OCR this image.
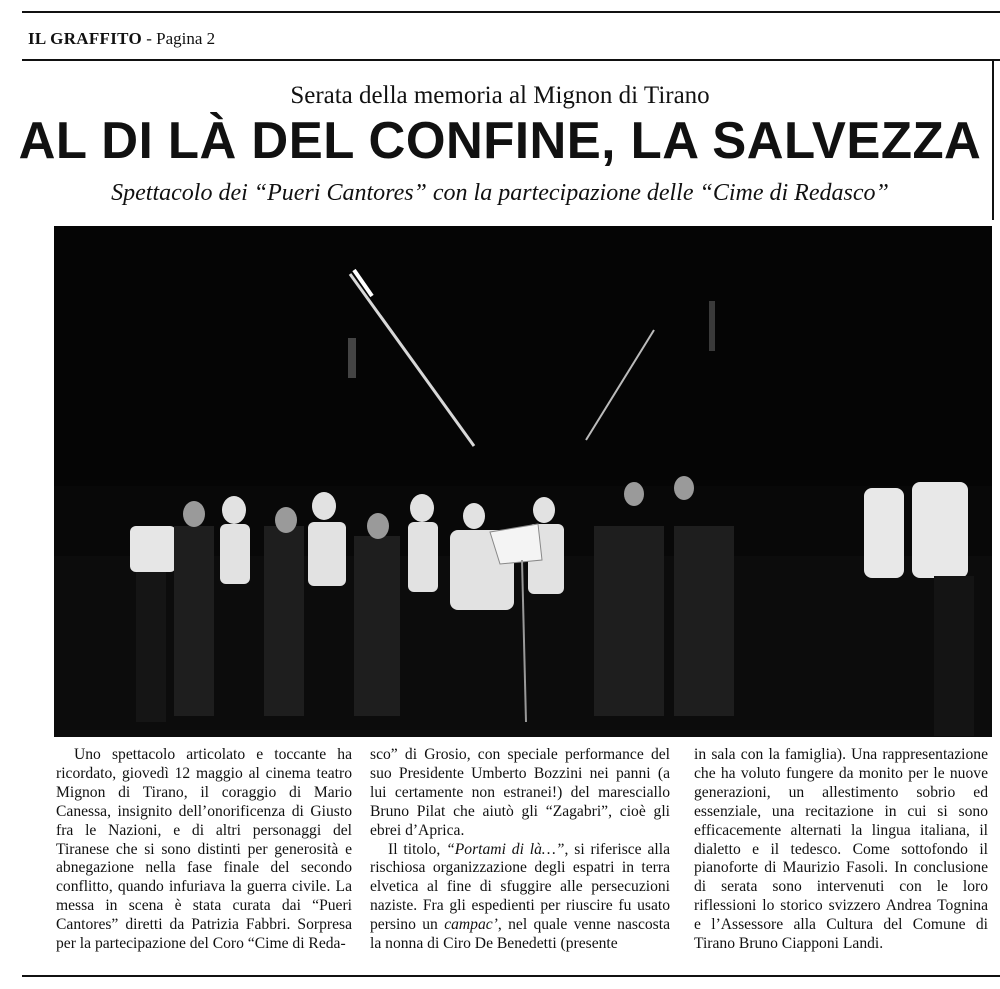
IL GRAFFITO - Pagina 2
Serata della memoria al Mignon di Tirano
AL DI LÀ DEL CONFINE, LA SALVEZZA
Spettacolo dei “Pueri Cantores” con la partecipazione delle “Cime di Redasco”

Uno spettacolo articolato e toccante ha ricordato, giovedì 12 maggio al cinema teatro Mignon di Tirano, il coraggio di Mario Canessa, insignito dell’onorificenza di Giusto fra le Nazioni, e di altri personaggi del Tiranese che si sono distinti per generosità e abnegazione nella fase finale del secondo conflitto, quando infuriava la guerra civile. La messa in scena è stata curata dai “Pueri Cantores” diretti da Patrizia Fabbri. Sorpresa per la partecipazione del Coro “Cime di Reda-

sco” di Grosio, con speciale performance del suo Presidente Umberto Bozzini nei panni (a lui certamente non estranei!) del maresciallo Bruno Pilat che aiutò gli “Zagabri”, cioè gli ebrei d’Aprica.

Il titolo, “Portami di là…”, si riferisce alla rischiosa organizzazione degli espatri in terra elvetica al fine di sfuggire alle persecuzioni naziste. Fra gli espedienti per riuscire fu usato persino un campac’, nel quale venne nascosta la nonna di Ciro De Benedetti (presente

in sala con la famiglia). Una rappresentazione che ha voluto fungere da monito per le nuove generazioni, un allestimento sobrio ed essenziale, una recitazione in cui si sono efficacemente alternati la lingua italiana, il dialetto e il tedesco. Come sottofondo il pianoforte di Maurizio Fasoli. In conclusione di serata sono intervenuti con le loro riflessioni lo storico svizzero Andrea Tognina e l’Assessore alla Cultura del Comune di Tirano Bruno Ciapponi Landi.
